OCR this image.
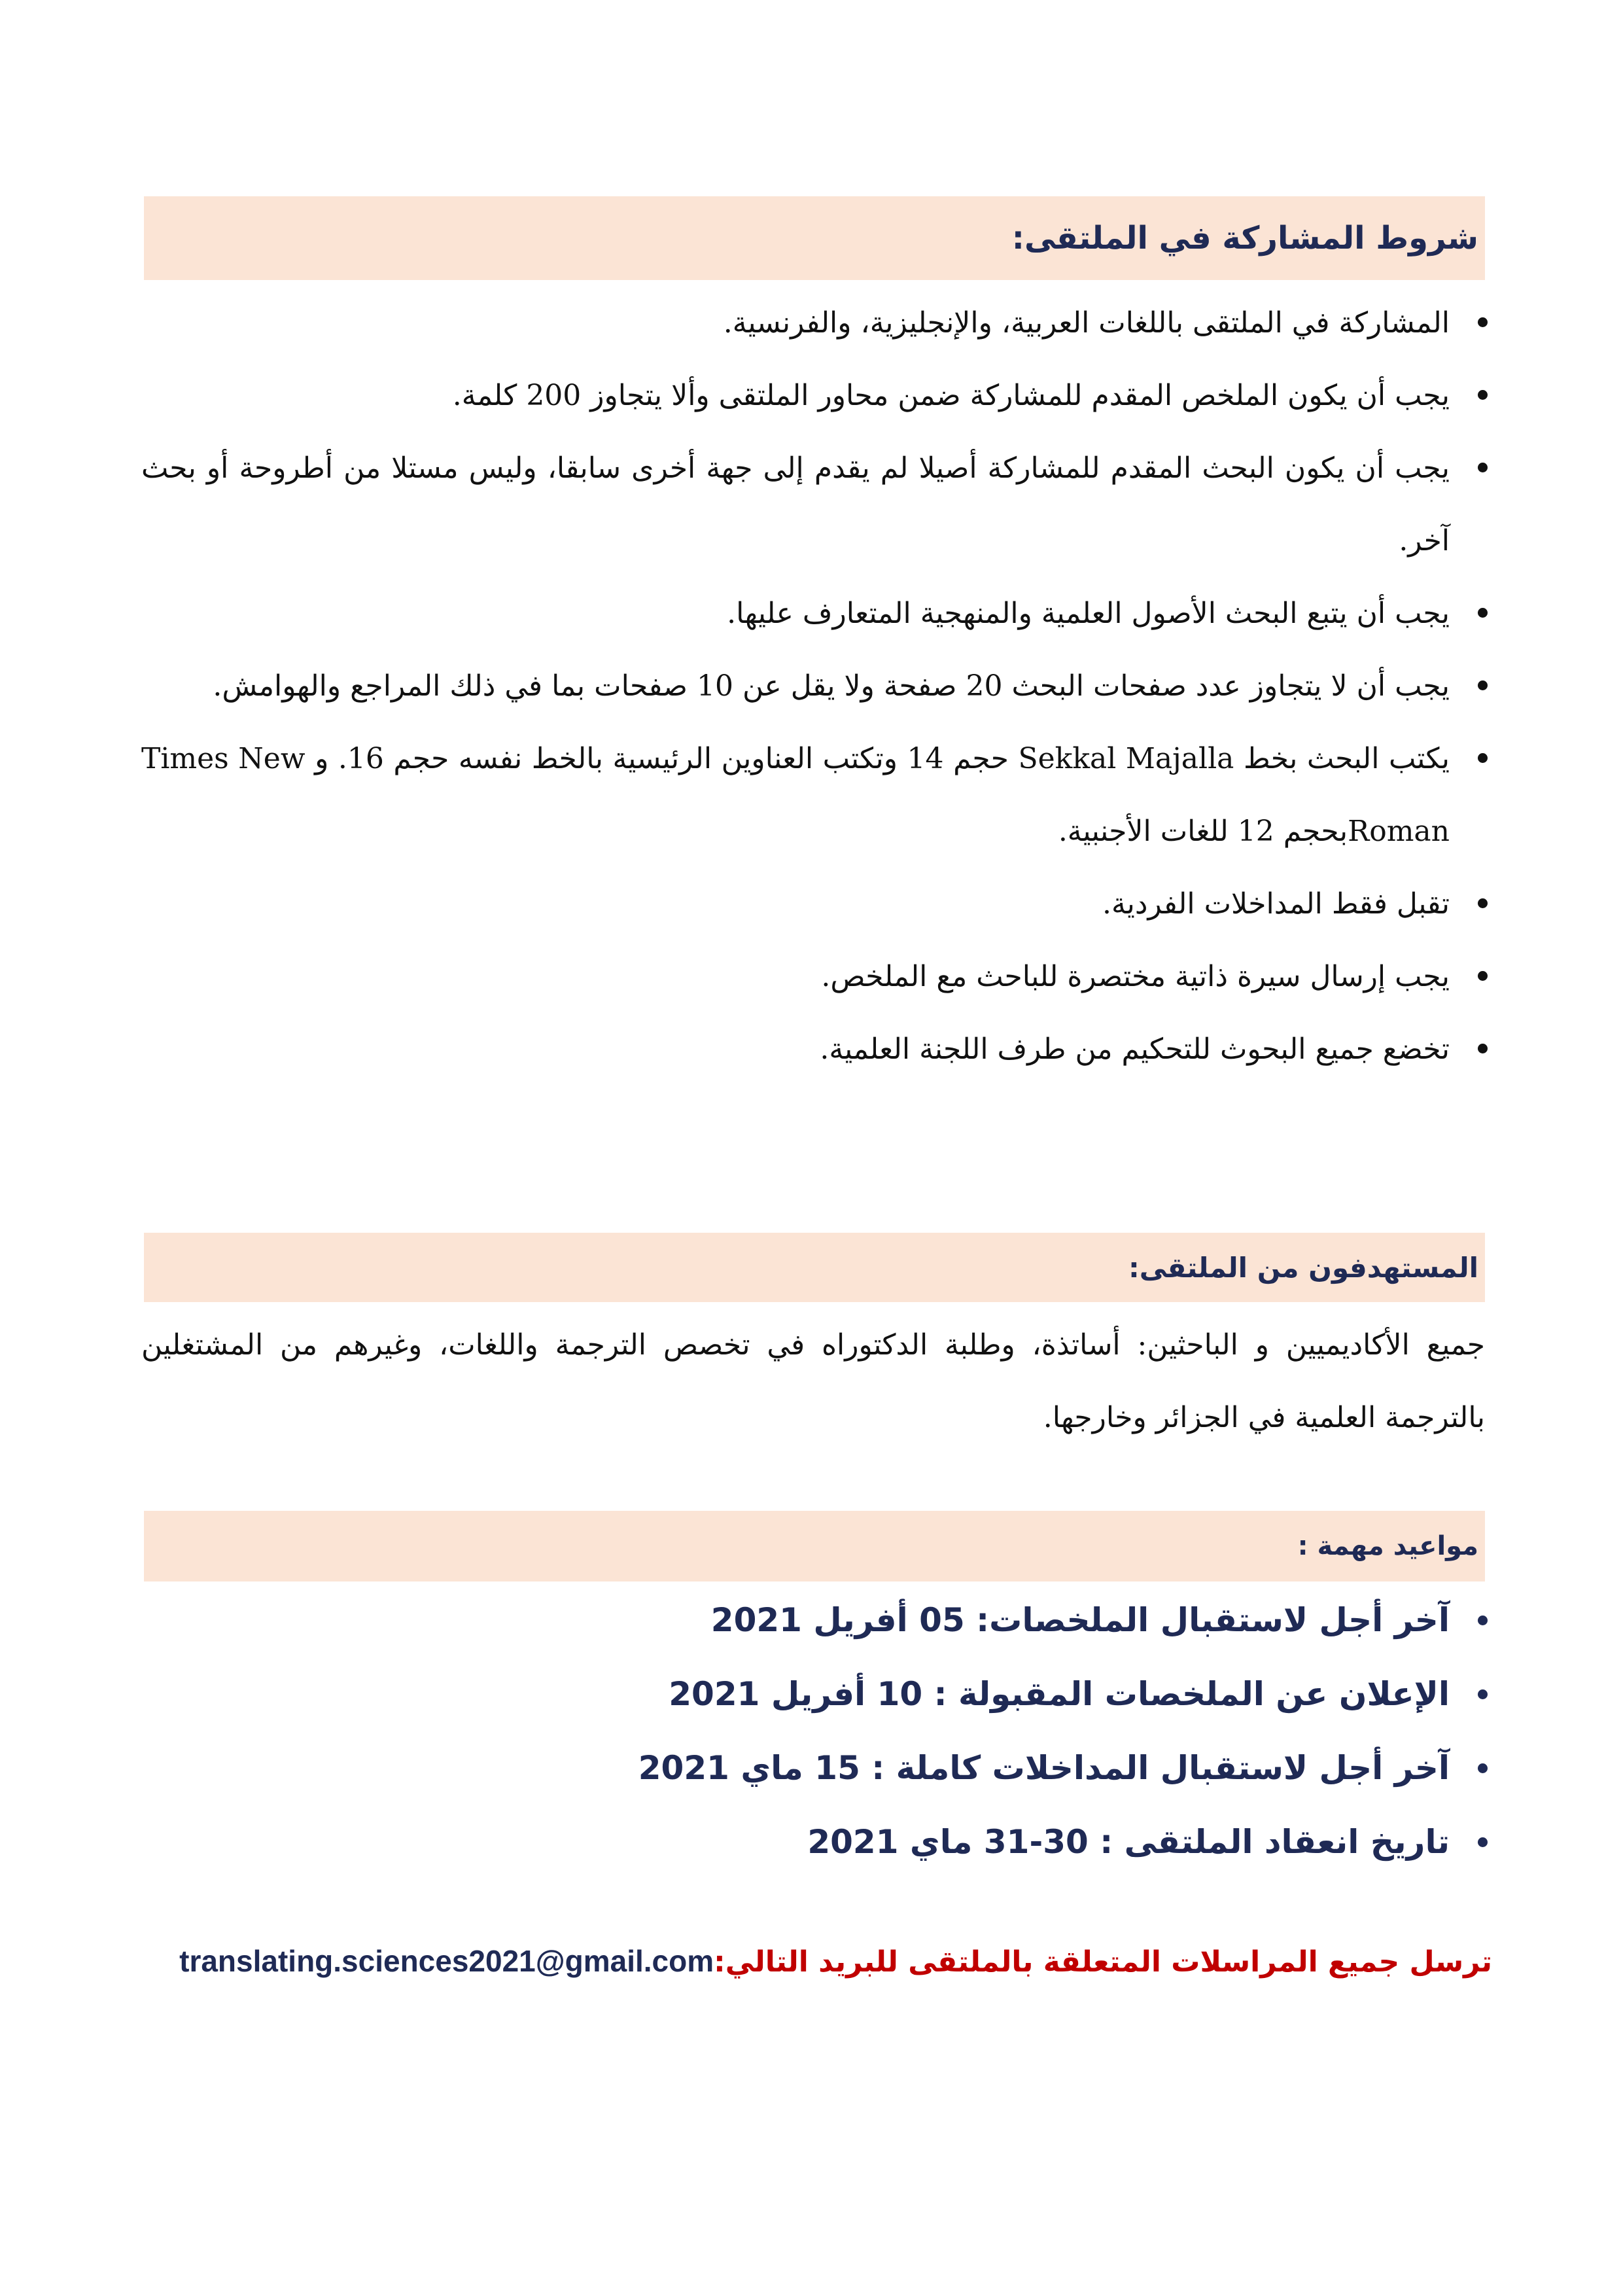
شروط المشاركة في الملتقى:
المشاركة في الملتقى باللغات العربية، والإنجليزية، والفرنسية.
يجب أن يكون الملخص المقدم للمشاركة ضمن محاور الملتقى وألا يتجاوز 200 كلمة.
يجب أن يكون البحث المقدم للمشاركة أصيلا لم يقدم إلى جهة أخرى سابقا، وليس مستلا من أطروحة أو بحث آخر.
يجب أن يتبع البحث الأصول العلمية والمنهجية المتعارف عليها.
يجب أن لا يتجاوز عدد صفحات البحث 20 صفحة ولا يقل عن 10 صفحات بما في ذلك المراجع والهوامش.
يكتب البحث بخط Sekkal Majalla حجم 14 وتكتب العناوين الرئيسية بالخط نفسه حجم 16. و Times New Romanبحجم 12 للغات الأجنبية.
تقبل فقط المداخلات الفردية.
يجب إرسال سيرة ذاتية مختصرة للباحث مع الملخص.
تخضع جميع البحوث للتحكيم من طرف اللجنة العلمية.
المستهدفون من الملتقى:

جميع الأكاديميين و الباحثين: أساتذة، وطلبة الدكتوراه في تخصص الترجمة واللغات، وغيرهم من المشتغلين بالترجمة العلمية في الجزائر وخارجها.

مواعيد مهمة :
آخر أجل لاستقبال الملخصات: 05 أفريل 2021
الإعلان عن الملخصات المقبولة : 10 أفريل 2021
آخر أجل لاستقبال المداخلات كاملة : 15 ماي 2021
تاريخ انعقاد الملتقى : 30-31 ماي 2021
ترسل جميع المراسلات المتعلقة بالملتقى للبريد التالي:translating.sciences2021@gmail.com
